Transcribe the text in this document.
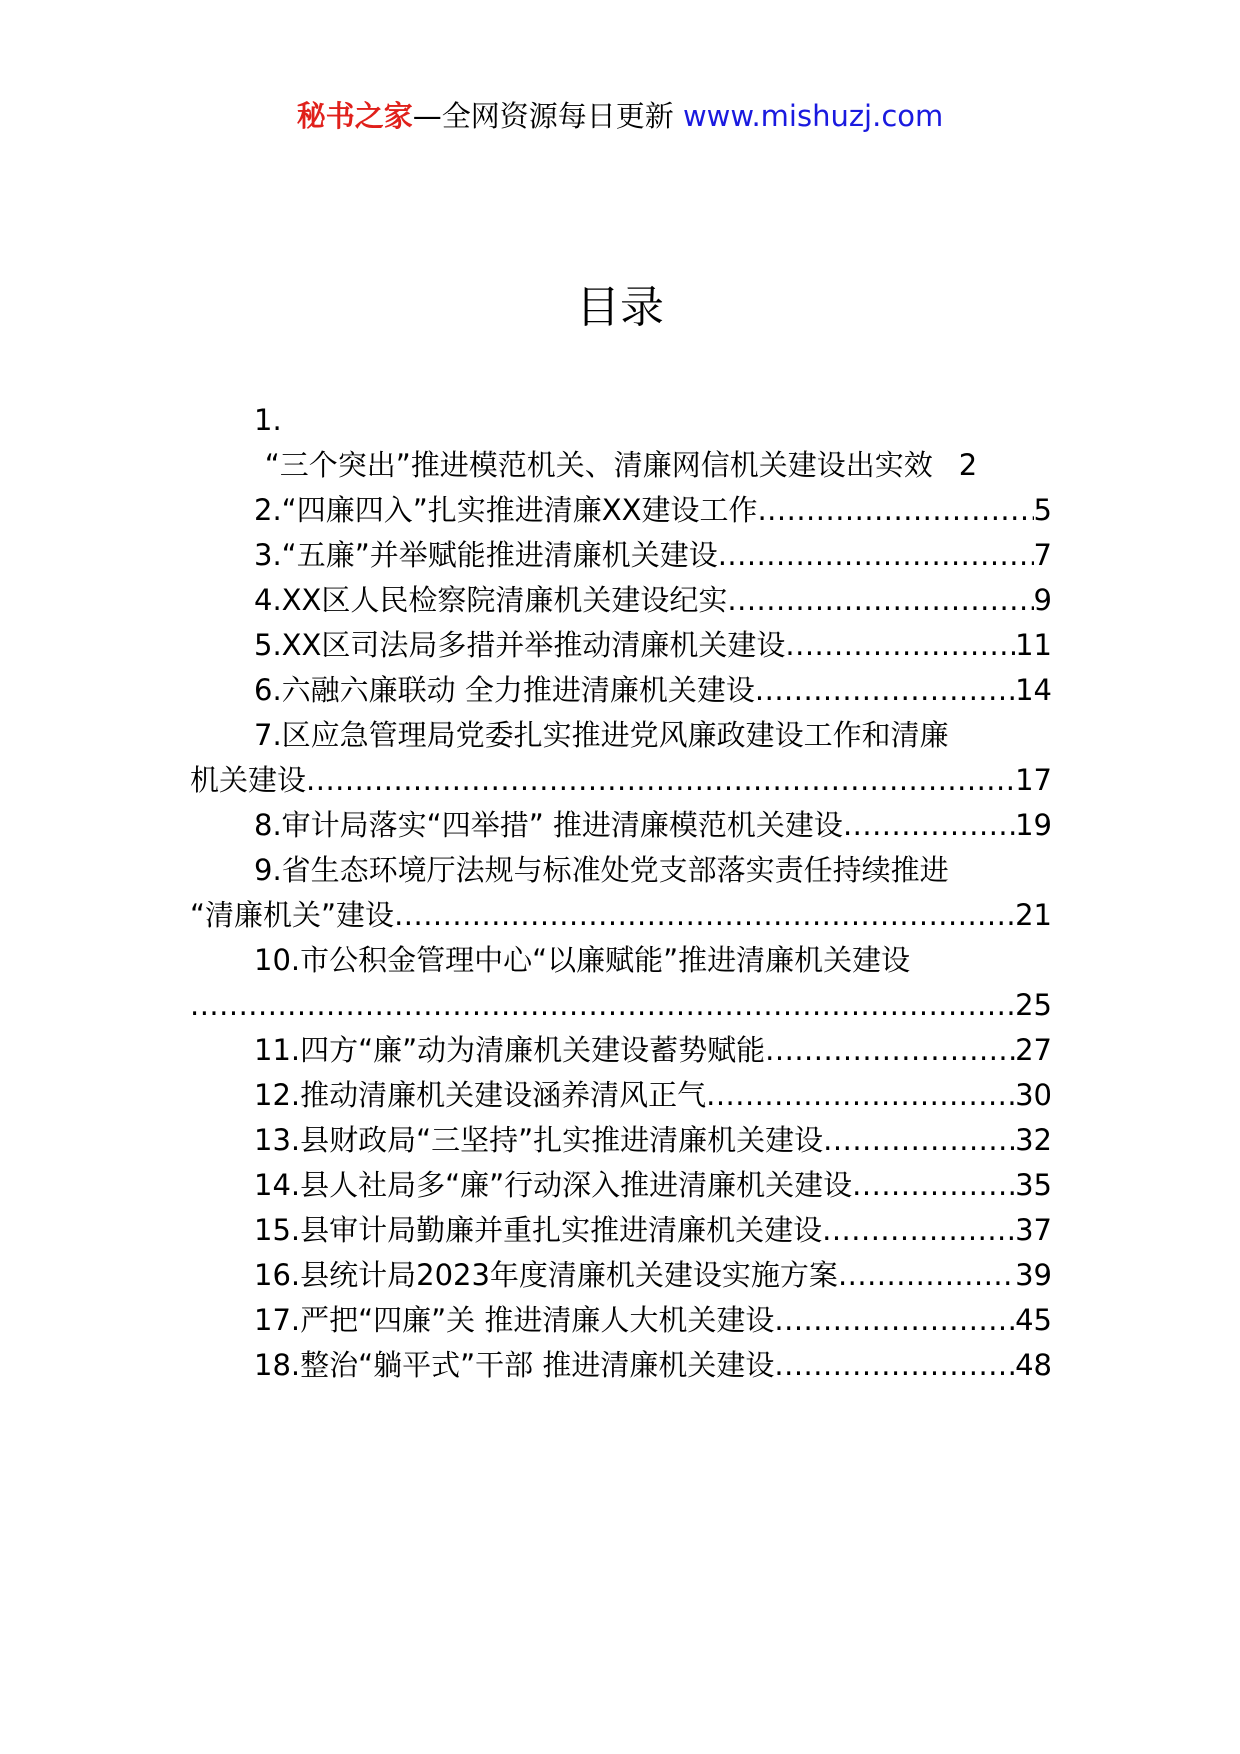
秘书之家—全网资源每日更新 www.mishuzj.com
目录
1.
“三个突出”推进模范机关、清廉网信机关建设出实效 2
2.“四廉四入”扎实推进清廉XX建设工作 .....	5
3.“五廉”并举赋能推进清廉机关建设 .....	7
4.XX区人民检察院清廉机关建设纪实 .....	9
5.XX区司法局多措并举推动清廉机关建设 .....	11
6.六融六廉联动 全力推进清廉机关建设 .....	14
7.区应急管理局党委扎实推进党风廉政建设工作和清廉
机关建设 .....	17
8.审计局落实“四举措” 推进清廉模范机关建设 .....	19
9.省生态环境厅法规与标准处党支部落实责任持续推进
“清廉机关”建设 .....	21
10.市公积金管理中心“以廉赋能”推进清廉机关建设
.....
25
11.四方“廉”动为清廉机关建设蓄势赋能 .....	27
12.推动清廉机关建设涵养清风正气 .....	30
13.县财政局“三坚持”扎实推进清廉机关建设 .....	32
14.县人社局多“廉”行动深入推进清廉机关建设 .....	35
15.县审计局勤廉并重扎实推进清廉机关建设 .....	37
16.县统计局2023年度清廉机关建设实施方案 .....	39
17.严把“四廉”关 推进清廉人大机关建设 .....	45
18.整治“躺平式”干部 推进清廉机关建设 .....	48
